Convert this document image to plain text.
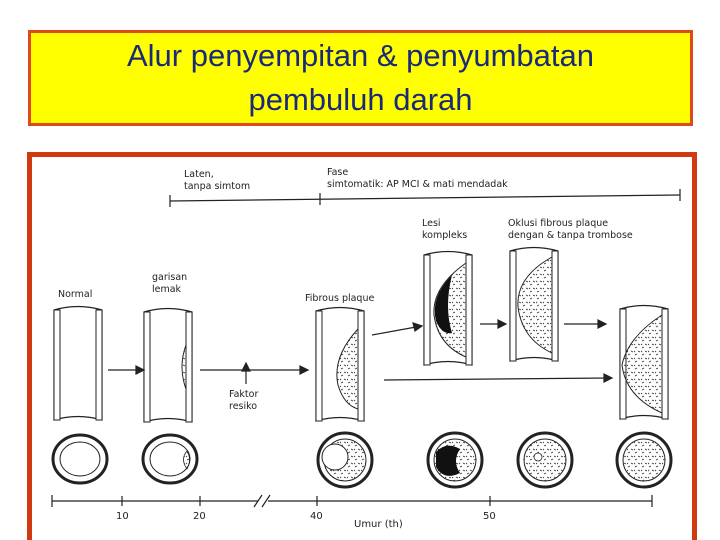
Alur penyempitan & penyumbatan
pembuluh darah
Laten, tanpa simtom
Fase simtomatik: AP MCI & mati mendadak
Normal
garisan lemak
Fibrous plaque
Lesi kompleks
Oklusi fibrous plaque dengan & tanpa trombose
Faktor resiko
10	20	40	50
Umur (th)
